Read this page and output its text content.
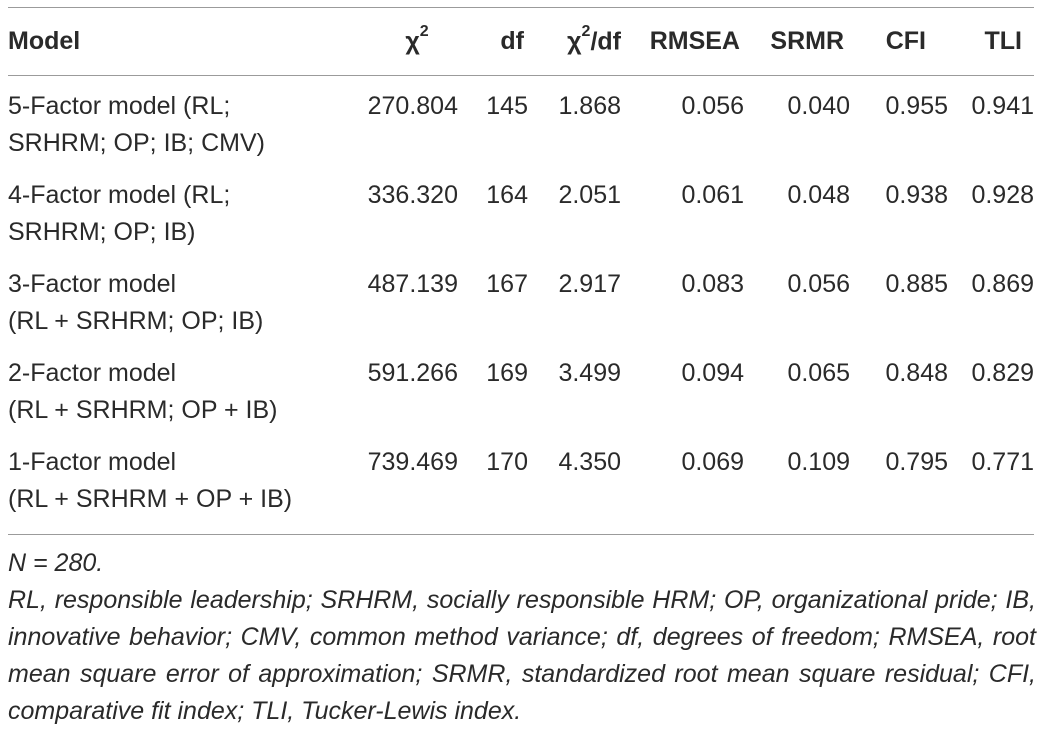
Model	$\chi^2$	df	$\chi^2/df$	RMSEA	SRMR	CFI	TLI

5-Factor model (RL;
SRHRM; OP; IB; CMV)	270.804	145	1.868	0.056	0.040	0.955	0.941

4-Factor model (RL;
SRHRM; OP; IB)	336.320	164	2.051	0.061	0.048	0.938	0.928

3-Factor model
(RL + SRHRM; OP; IB)	487.139	167	2.917	0.083	0.056	0.885	0.869

2-Factor model
(RL + SRHRM; OP + IB)	591.266	169	3.499	0.094	0.065	0.848	0.829

1-Factor model
(RL + SRHRM + OP + IB)	739.469	170	4.350	0.069	0.109	0.795	0.771

N = 280.

RL, responsible leadership; SRHRM, socially responsible HRM; OP, organizational pride; IB, innovative behavior; CMV, common method variance; df, degrees of freedom; RMSEA, root mean square error of approximation; SRMR, standardized root mean square residual; CFI, comparative fit index; TLI, Tucker-Lewis index.
